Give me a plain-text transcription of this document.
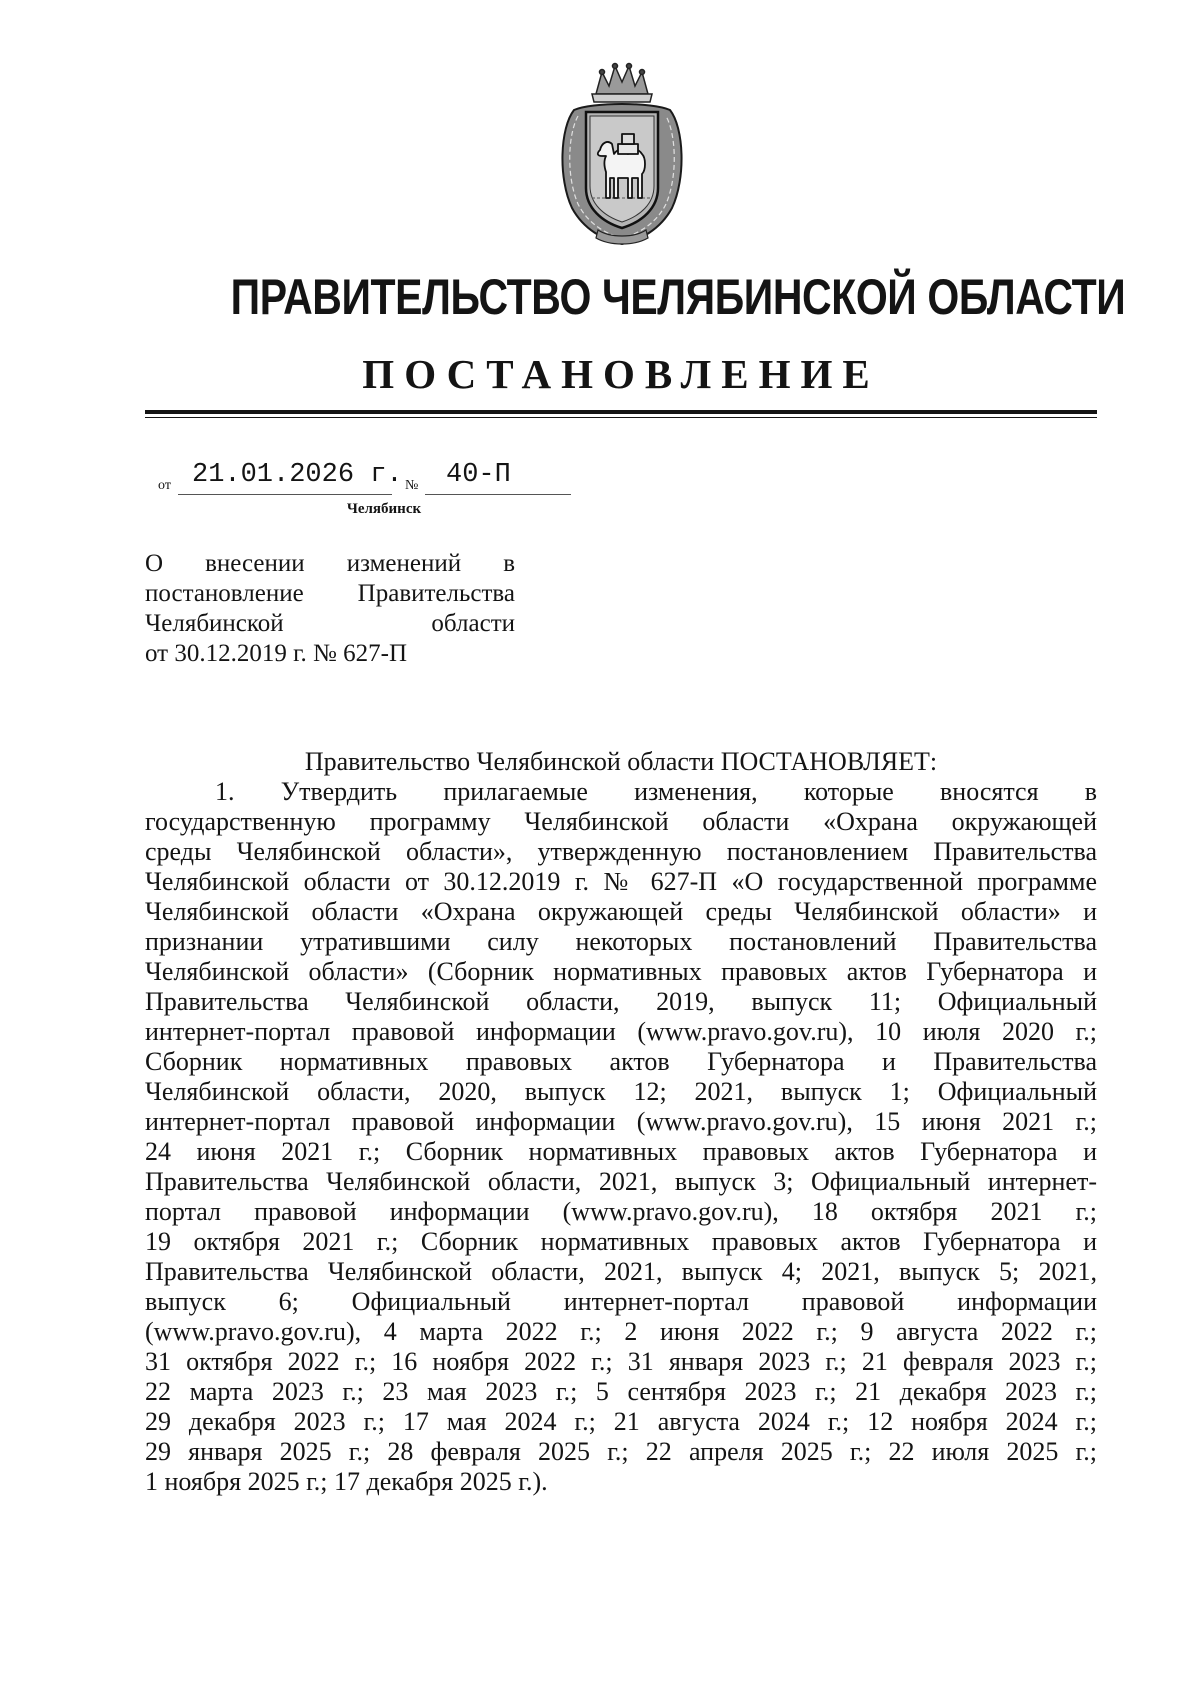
ПРАВИТЕЛЬСТВО ЧЕЛЯБИНСКОЙ ОБЛАСТИ
ПОСТАНОВЛЕНИЕ
от 21.01.2026 г. № 40-П
Челябинск
О внесении изменений в
постановление Правительства
Челябинской области
от 30.12.2019 г. № 627-П
Правительство Челябинской области ПОСТАНОВЛЯЕТ:
1. Утвердить прилагаемые изменения, которые вносятся в
государственную программу Челябинской области «Охрана окружающей
среды Челябинской области», утвержденную постановлением Правительства
Челябинской области от 30.12.2019 г. № 627-П «О государственной программе
Челябинской области «Охрана окружающей среды Челябинской области» и
признании утратившими силу некоторых постановлений Правительства
Челябинской области» (Сборник нормативных правовых актов Губернатора и
Правительства Челябинской области, 2019, выпуск 11; Официальный
интернет-портал правовой информации (www.pravo.gov.ru), 10 июля 2020 г.;
Сборник нормативных правовых актов Губернатора и Правительства
Челябинской области, 2020, выпуск 12; 2021, выпуск 1; Официальный
интернет-портал правовой информации (www.pravo.gov.ru), 15 июня 2021 г.;
24 июня 2021 г.; Сборник нормативных правовых актов Губернатора и
Правительства Челябинской области, 2021, выпуск 3; Официальный интернет-
портал правовой информации (www.pravo.gov.ru), 18 октября 2021 г.;
19 октября 2021 г.; Сборник нормативных правовых актов Губернатора и
Правительства Челябинской области, 2021, выпуск 4; 2021, выпуск 5; 2021,
выпуск 6; Официальный интернет-портал правовой информации
(www.pravo.gov.ru), 4 марта 2022 г.; 2 июня 2022 г.; 9 августа 2022 г.;
31 октября 2022 г.; 16 ноября 2022 г.; 31 января 2023 г.; 21 февраля 2023 г.;
22 марта 2023 г.; 23 мая 2023 г.; 5 сентября 2023 г.; 21 декабря 2023 г.;
29 декабря 2023 г.; 17 мая 2024 г.; 21 августа 2024 г.; 12 ноября 2024 г.;
29 января 2025 г.; 28 февраля 2025 г.; 22 апреля 2025 г.; 22 июля 2025 г.;
1 ноября 2025 г.; 17 декабря 2025 г.).
